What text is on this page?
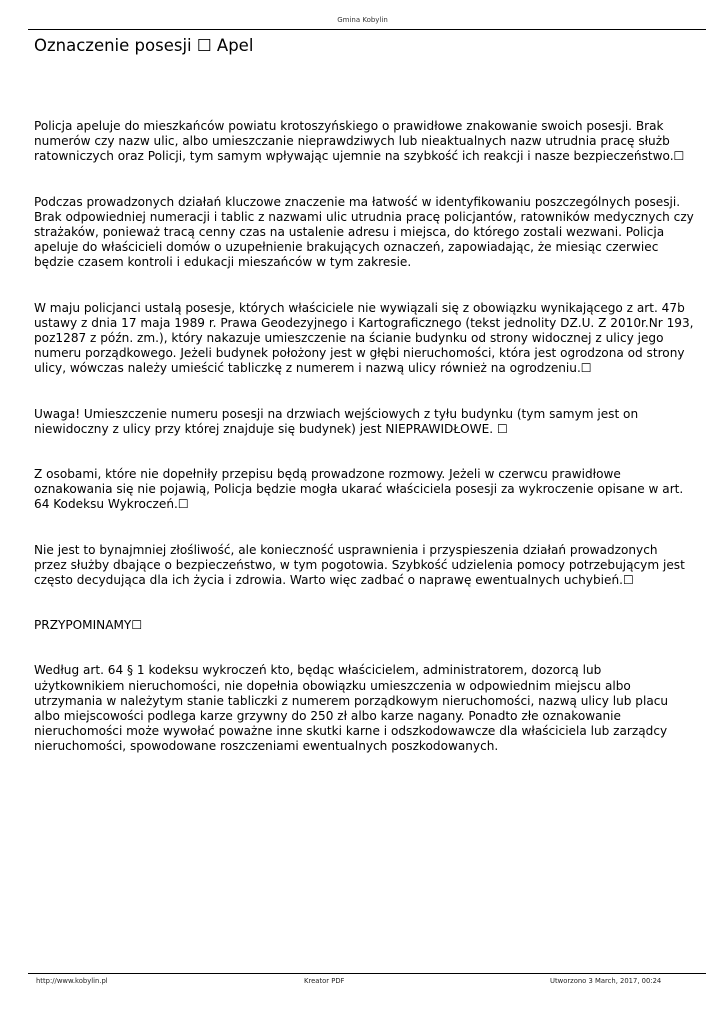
Gmina Kobylin
Oznaczenie posesji ☐ Apel

Policja apeluje do mieszkańców powiatu krotoszyńskiego o prawidłowe znakowanie swoich posesji. Brak numerów czy nazw ulic, albo umieszczanie nieprawdziwych lub nieaktualnych nazw utrudnia pracę służb ratowniczych oraz Policji, tym samym wpływając ujemnie na szybkość ich reakcji i nasze bezpieczeństwo.☐

Podczas prowadzonych działań kluczowe znaczenie ma łatwość w identyfikowaniu poszczególnych posesji. Brak odpowiedniej numeracji i tablic z nazwami ulic utrudnia pracę policjantów, ratowników medycznych czy strażaków, ponieważ tracą cenny czas na ustalenie adresu i miejsca, do którego zostali wezwani. Policja apeluje do właścicieli domów o uzupełnienie brakujących oznaczeń, zapowiadając, że miesiąc czerwiec będzie czasem kontroli i edukacji mieszańców w tym zakresie.

W maju policjanci ustalą posesje, których właściciele nie wywiązali się z obowiązku wynikającego z art. 47b ustawy z dnia 17 maja 1989 r. Prawa Geodezyjnego i Kartograficznego (tekst jednolity DZ.U. Z 2010r.Nr 193, poz1287 z późn. zm.), który nakazuje umieszczenie na ścianie budynku od strony widocznej z ulicy jego numeru porządkowego. Jeżeli budynek położony jest w głębi nieruchomości, która jest ogrodzona od strony ulicy, wówczas należy umieścić tabliczkę z numerem i nazwą ulicy również na ogrodzeniu.☐

Uwaga! Umieszczenie numeru posesji na drzwiach wejściowych z tyłu budynku (tym samym jest on niewidoczny z ulicy przy której znajduje się budynek) jest NIEPRAWIDŁOWE. ☐

Z osobami, które nie dopełniły przepisu będą prowadzone rozmowy. Jeżeli w czerwcu prawidłowe oznakowania się nie pojawią, Policja będzie mogła ukarać właściciela posesji za wykroczenie opisane w art. 64 Kodeksu Wykroczeń.☐

Nie jest to bynajmniej złośliwość, ale konieczność usprawnienia i przyspieszenia działań prowadzonych przez służby dbające o bezpieczeństwo, w tym pogotowia. Szybkość udzielenia pomocy potrzebującym jest często decydująca dla ich życia i zdrowia. Warto więc zadbać o naprawę ewentualnych uchybień.☐

PRZYPOMINAMY☐

Według art. 64 § 1 kodeksu wykroczeń kto, będąc właścicielem, administratorem, dozorcą lub użytkownikiem nieruchomości, nie dopełnia obowiązku umieszczenia w odpowiednim miejscu albo utrzymania w należytym stanie tabliczki z numerem porządkowym nieruchomości, nazwą ulicy lub placu albo miejscowości podlega karze grzywny do 250 zł albo karze nagany. Ponadto złe oznakowanie nieruchomości może wywołać poważne inne skutki karne i odszkodowawcze dla właściciela lub zarządcy nieruchomości, spowodowane roszczeniami ewentualnych poszkodowanych.

http://www.kobylin.pl	Kreator PDF	Utworzono 3 March, 2017, 00:24
